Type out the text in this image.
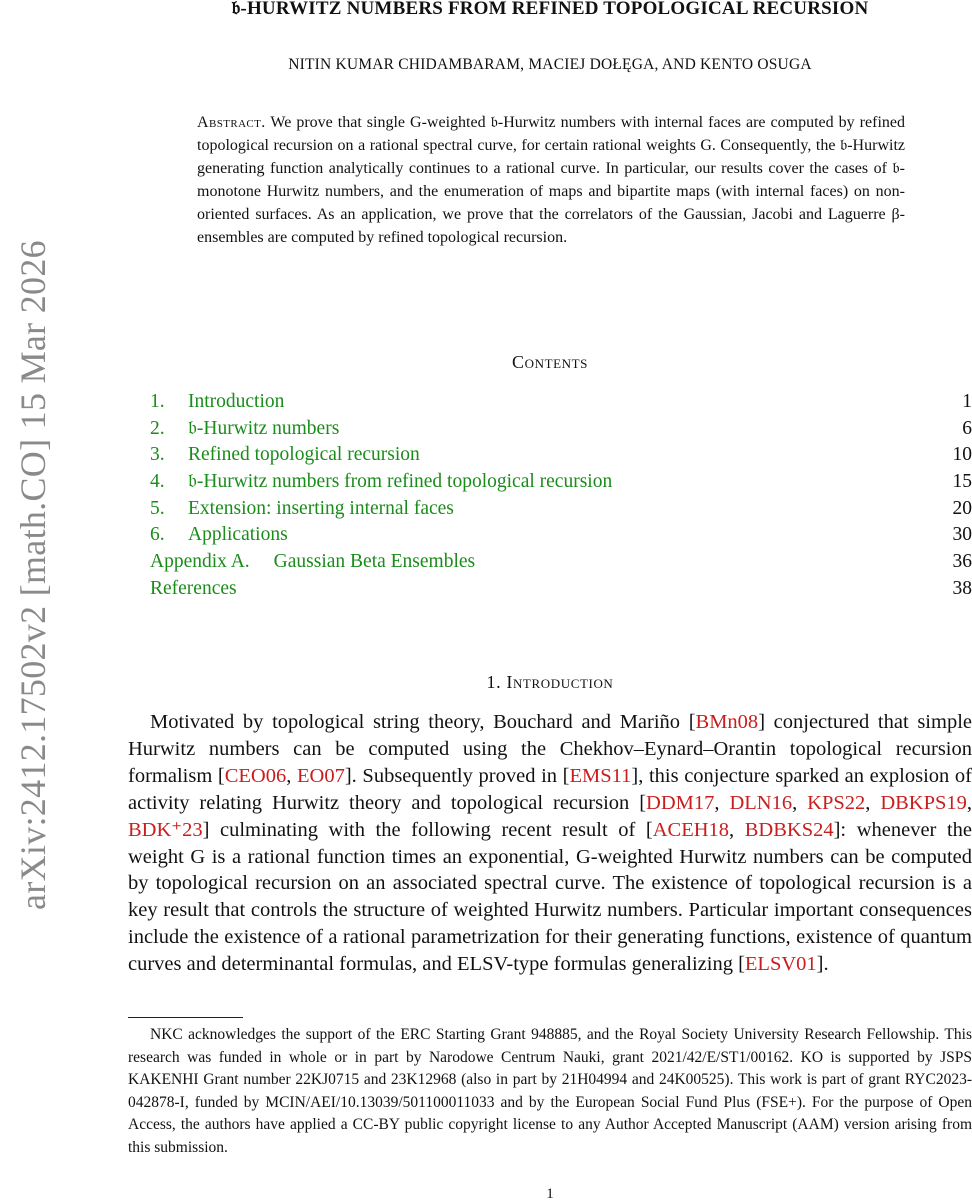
arXiv:2412.17502v2 [math.CO] 15 Mar 2026
𝔟-HURWITZ NUMBERS FROM REFINED TOPOLOGICAL RECURSION
NITIN KUMAR CHIDAMBARAM, MACIEJ DOŁĘGA, AND KENTO OSUGA
Abstract. We prove that single G-weighted 𝔟-Hurwitz numbers with internal faces are computed by refined topological recursion on a rational spectral curve, for certain rational weights G. Consequently, the 𝔟-Hurwitz generating function analytically continues to a rational curve. In particular, our results cover the cases of 𝔟-monotone Hurwitz numbers, and the enumeration of maps and bipartite maps (with internal faces) on non-oriented surfaces. As an application, we prove that the correlators of the Gaussian, Jacobi and Laguerre β-ensembles are computed by refined topological recursion.
Contents
1. Introduction	1
2. 𝔟-Hurwitz numbers	6
3. Refined topological recursion	10
4. 𝔟-Hurwitz numbers from refined topological recursion	15
5. Extension: inserting internal faces	20
6. Applications	30
Appendix A. Gaussian Beta Ensembles	36
References	38
1. Introduction

Motivated by topological string theory, Bouchard and Mariño [BMn08] conjectured that simple Hurwitz numbers can be computed using the Chekhov–Eynard–Orantin topological recursion formalism [CEO06, EO07]. Subsequently proved in [EMS11], this conjecture sparked an explosion of activity relating Hurwitz theory and topological recursion [DDM17, DLN16, KPS22, DBKPS19, BDK⁺23] culminating with the following recent result of [ACEH18, BDBKS24]: whenever the weight G is a rational function times an exponential, G-weighted Hurwitz numbers can be computed by topological recursion on an associated spectral curve. The existence of topological recursion is a key result that controls the structure of weighted Hurwitz numbers. Particular important consequences include the existence of a rational parametrization for their generating functions, existence of quantum curves and determinantal formulas, and ELSV-type formulas generalizing [ELSV01].

NKC acknowledges the support of the ERC Starting Grant 948885, and the Royal Society University Research Fellowship. This research was funded in whole or in part by Narodowe Centrum Nauki, grant 2021/42/E/ST1/00162. KO is supported by JSPS KAKENHI Grant number 22KJ0715 and 23K12968 (also in part by 21H04994 and 24K00525). This work is part of grant RYC2023-042878-I, funded by MCIN/AEI/10.13039/501100011033 and by the European Social Fund Plus (FSE+). For the purpose of Open Access, the authors have applied a CC-BY public copyright license to any Author Accepted Manuscript (AAM) version arising from this submission.

1
